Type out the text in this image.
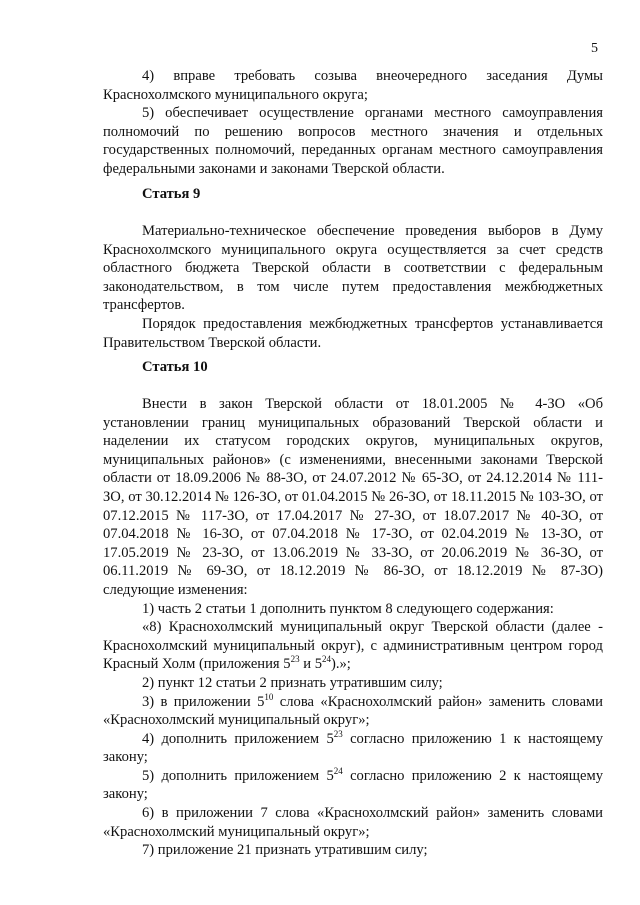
5

4) вправе требовать созыва внеочередного заседания Думы Краснохолмского муниципального округа;

5) обеспечивает осуществление органами местного самоуправления полномочий по решению вопросов местного значения и отдельных государственных полномочий, переданных органам местного самоуправления федеральными законами и законами Тверской области.

Статья 9

Материально-техническое обеспечение проведения выборов в Думу Краснохолмского муниципального округа осуществляется за счет средств областного бюджета Тверской области в соответствии с федеральным законодательством, в том числе путем предоставления межбюджетных трансфертов.

Порядок предоставления межбюджетных трансфертов устанавливается Правительством Тверской области.

Статья 10

Внести в закон Тверской области от 18.01.2005 № 4-ЗО «Об установлении границ муниципальных образований Тверской области и наделении их статусом городских округов, муниципальных округов, муниципальных районов» (с изменениями, внесенными законами Тверской области от 18.09.2006 № 88-ЗО, от 24.07.2012 № 65-ЗО, от 24.12.2014 № 111-ЗО, от 30.12.2014 № 126-ЗО, от 01.04.2015 № 26-ЗО, от 18.11.2015 № 103-ЗО, от 07.12.2015 № 117-ЗО, от 17.04.2017 № 27-ЗО, от 18.07.2017 № 40-ЗО, от 07.04.2018 № 16-ЗО, от 07.04.2018 № 17-ЗО, от 02.04.2019 № 13-ЗО, от 17.05.2019 № 23-ЗО, от 13.06.2019 № 33-ЗО, от 20.06.2019 № 36-ЗО, от 06.11.2019 № 69-ЗО, от 18.12.2019 № 86-ЗО, от 18.12.2019 № 87-ЗО) следующие изменения:

1) часть 2 статьи 1 дополнить пунктом 8 следующего содержания:

«8) Краснохолмский муниципальный округ Тверской области (далее - Краснохолмский муниципальный округ), с административным центром город Красный Холм (приложения $5^{23}$ и $5^{24}$).»;

2) пункт 12 статьи 2 признать утратившим силу;

3) в приложении $5^{10}$ слова «Краснохолмский район» заменить словами «Краснохолмский муниципальный округ»;

4) дополнить приложением $5^{23}$ согласно приложению 1 к настоящему закону;

5) дополнить приложением $5^{24}$ согласно приложению 2 к настоящему закону;

6) в приложении 7 слова «Краснохолмский район» заменить словами «Краснохолмский муниципальный округ»;

7) приложение 21 признать утратившим силу;
